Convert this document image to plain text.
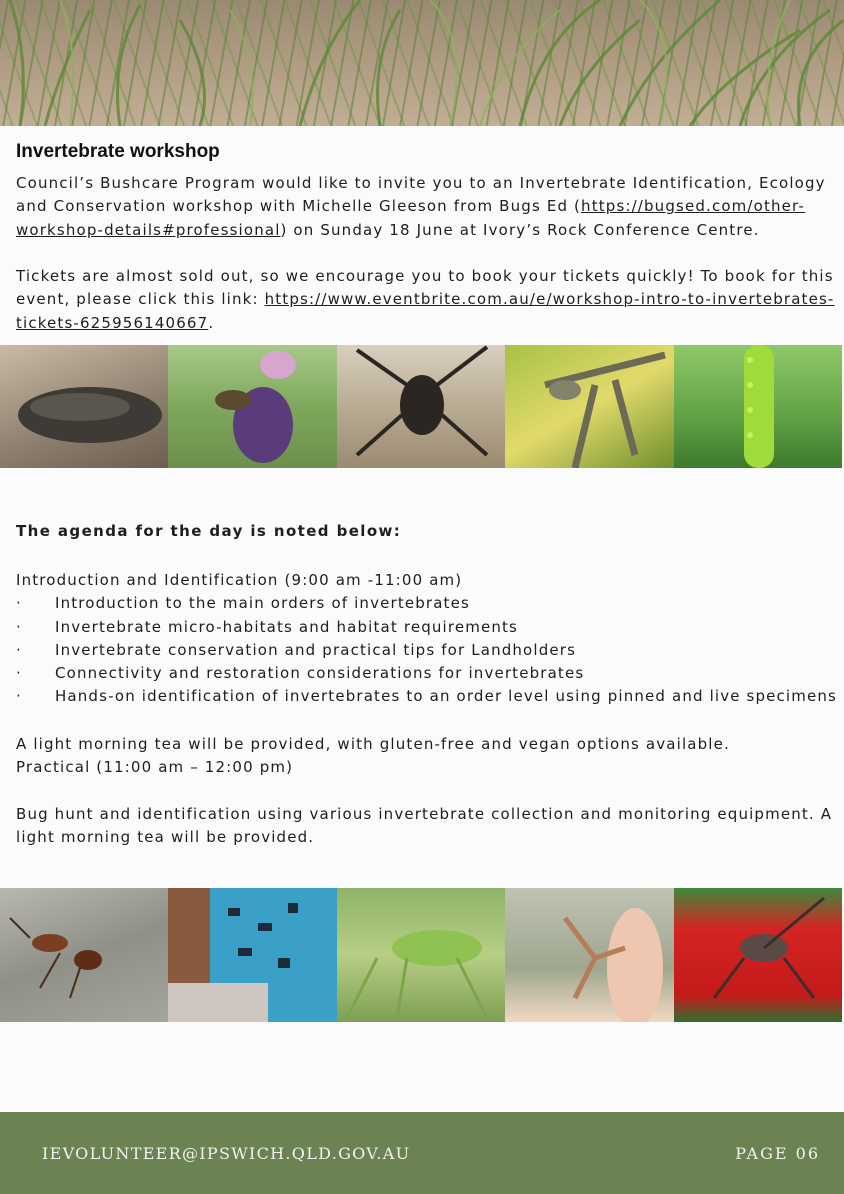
Invertebrate workshop

Council’s Bushcare Program would like to invite you to an Invertebrate Identification, Ecology and Conservation workshop with Michelle Gleeson from Bugs Ed (https://bugsed.com/other-workshop-details#professional) on Sunday 18 June at Ivory’s Rock Conference Centre.

Tickets are almost sold out, so we encourage you to book your tickets quickly! To book for this event, please click this link: https://www.eventbrite.com.au/e/workshop-intro-to-invertebrates-tickets-625956140667.

The agenda for the day is noted below:

Introduction and Identification (9:00 am -11:00 am)

· Introduction to the main orders of invertebrates
· Invertebrate micro-habitats and habitat requirements
· Invertebrate conservation and practical tips for Landholders
· Connectivity and restoration considerations for invertebrates
· Hands-on identification of invertebrates to an order level using pinned and live specimens

A light morning tea will be provided, with gluten-free and vegan options available.

Practical (11:00 am – 12:00 pm)

Bug hunt and identification using various invertebrate collection and monitoring equipment. A light morning tea will be provided.

IEVOLUNTEER@IPSWICH.QLD.GOV.AU	PAGE 06
